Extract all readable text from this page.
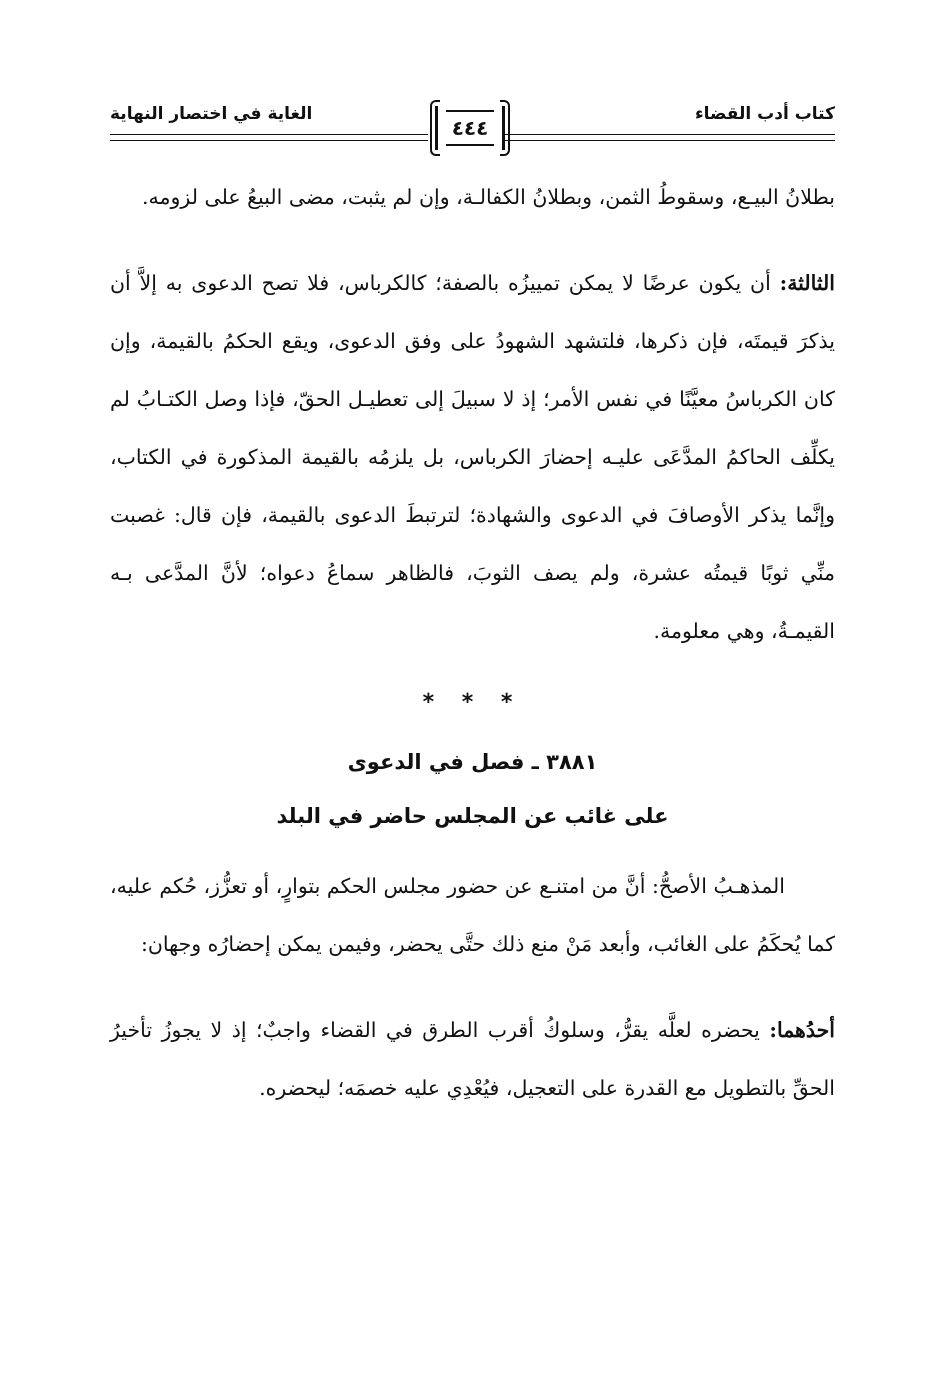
كتاب أدب القضاء
الغاية في اختصار النهاية
٤٤٤

بطلانُ البيـع، وسقوطُ الثمن، وبطلانُ الكفالـة، وإن لم يثبت، مضى البيعُ على لزومه.

الثالثة: أن يكون عرضًا لا يمكن تمييزُه بالصفة؛ كالكرباس، فلا تصح الدعوى به إلاَّ أن يذكرَ قيمتَه، فإن ذكرها، فلتشهد الشهودُ على وفق الدعوى، ويقع الحكمُ بالقيمة، وإن كان الكرباسُ معيَّنًا في نفس الأمر؛ إذ لا سبيلَ إلى تعطيـل الحقّ، فإذا وصل الكتـابُ لم يكلِّف الحاكمُ المدَّعَى عليـه إحضارَ الكرباس، بل يلزمُه بالقيمة المذكورة في الكتاب، وإنَّما يذكر الأوصافَ في الدعوى والشهادة؛ لترتبطَ الدعوى بالقيمة، فإن قال: غصبت منِّي ثوبًا قيمتُه عشرة، ولم يصف الثوبَ، فالظاهر سماعُ دعواه؛ لأنَّ المدَّعى بـه القيمـةُ، وهي معلومة.

* * *
٣٨٨١ ـ فصل في الدعوى
على غائب عن المجلس حاضر في البلد

المذهـبُ الأصحُّ: أنَّ من امتنـع عن حضور مجلس الحكم بتوارٍ، أو تعزُّز، حُكم عليه، كما يُحكَمُ على الغائب، وأبعد مَنْ منع ذلك حتَّى يحضر، وفيمن يمكن إحضارُه وجهان:

أحدُهما: يحضره لعلَّه يقرُّ، وسلوكُ أقرب الطرق في القضاء واجبٌ؛ إذ لا يجوزُ تأخيرُ الحقِّ بالتطويل مع القدرة على التعجيل، فيُعْدِي عليه خصمَه؛ ليحضره.
